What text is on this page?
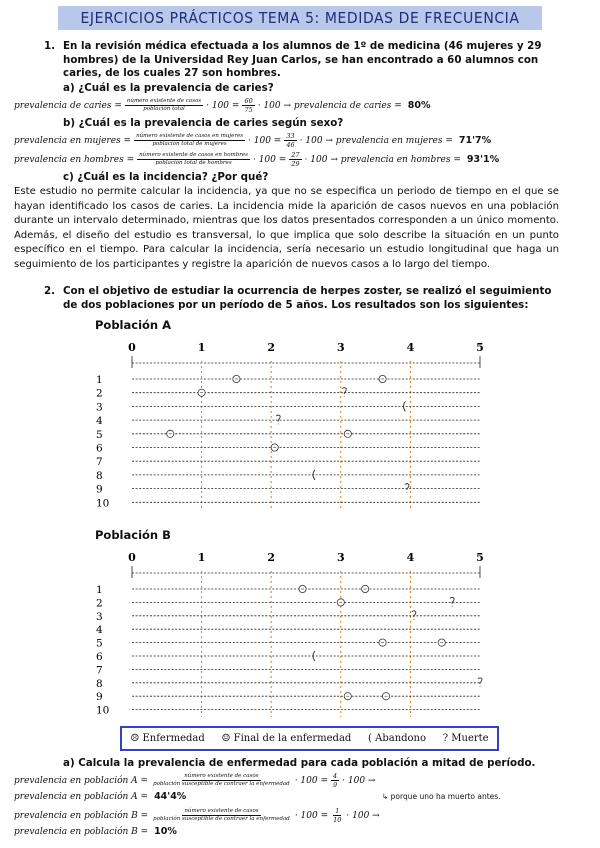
EJERCICIOS PRÁCTICOS TEMA 5: MEDIDAS DE FRECUENCIA
1. En la revisión médica efectuada a los alumnos de 1º de medicina (46 mujeres y 29 hombres) de la Universidad Rey Juan Carlos, se han encontrado a 60 alumnos con caries, de los cuales 27 son hombres.
a) ¿Cuál es la prevalencia de caries?
prevalencia de caries = $\frac{\text{número existente de casos}}{\text{población total}} \cdot 100 = \frac{60}{75} \cdot 100$ → prevalencia de caries = 80%
b) ¿Cuál es la prevalencia de caries según sexo?
prevalencia en mujeres = $\frac{\text{número existente de casos en mujeres}}{\text{población total de mujeres}} \cdot 100 = \frac{33}{46} \cdot 100$ → prevalencia en mujeres = 71'7%
prevalencia en hombres = $\frac{\text{número existente de casos en hombres}}{\text{población total de hombres}} \cdot 100 = \frac{27}{29} \cdot 100$ → prevalencia en hombres = 93'1%
c) ¿Cuál es la incidencia? ¿Por qué?
Este estudio no permite calcular la incidencia, ya que no se especifica un periodo de tiempo en el que se hayan identificado los casos de caries. La incidencia mide la aparición de casos nuevos en una población durante un intervalo determinado, mientras que los datos presentados corresponden a un único momento. Además, el diseño del estudio es transversal, lo que implica que solo describe la situación en un punto específico en el tiempo. Para calcular la incidencia, sería necesario un estudio longitudinal que haga un seguimiento de los participantes y registre la aparición de nuevos casos a lo largo del tiempo.
2. Con el objetivo de estudiar la ocurrencia de herpes zoster, se realizó el seguimiento de dos poblaciones por un período de 5 años. Los resultados son los siguientes:
Población A
0	1	2	3	4	5
1
2
3
4
5
6
7
8
9
10
Población B
0	1	2	3	4	5
1
2
3
4
5
6
7
8
9
10
☹ Enfermedad ☺ Final de la enfermedad ( Abandono ? Muerte
a) Calcula la prevalencia de enfermedad para cada población a mitad de período.
prevalencia en población $A = \frac{\text{número existente de casos}}{\text{población susceptible de contraer la enfermedad}} \cdot 100 = \frac{4}{9} \cdot 100$ →
↳ porque uno ha muerto antes.
prevalencia en población A = 44'4%
prevalencia en población $B = \frac{\text{número existente de casos}}{\text{población susceptible de contraer la enfermedad}} \cdot 100 = \frac{1}{10} \cdot 100$ →
prevalencia en población B = 10%
